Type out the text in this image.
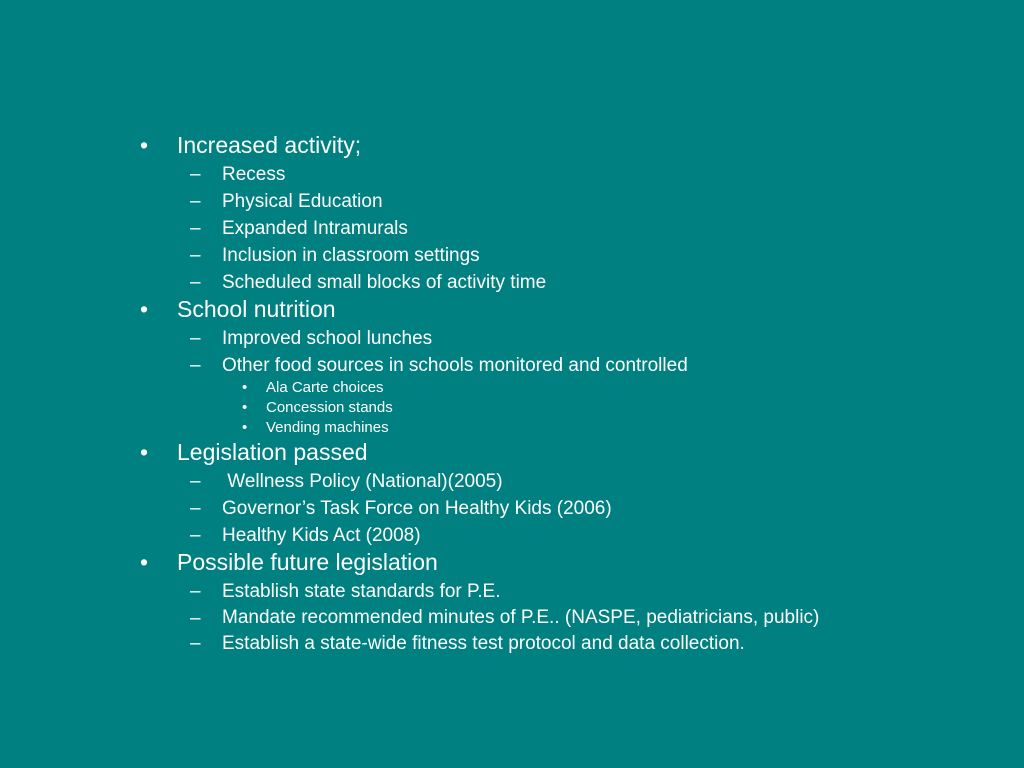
• Increased activity;
– Recess
– Physical Education
– Expanded Intramurals
– Inclusion in classroom settings
– Scheduled small blocks of activity time
• School nutrition
– Improved school lunches
– Other food sources in schools monitored and controlled
• Ala Carte choices
• Concession stands
• Vending machines
• Legislation passed
– Wellness Policy (National)(2005)
– Governor’s Task Force on Healthy Kids (2006)
– Healthy Kids Act (2008)
• Possible future legislation
– Establish state standards for P.E.
– Mandate recommended minutes of P.E.. (NASPE, pediatricians, public)
– Establish a state-wide fitness test protocol and data collection.
